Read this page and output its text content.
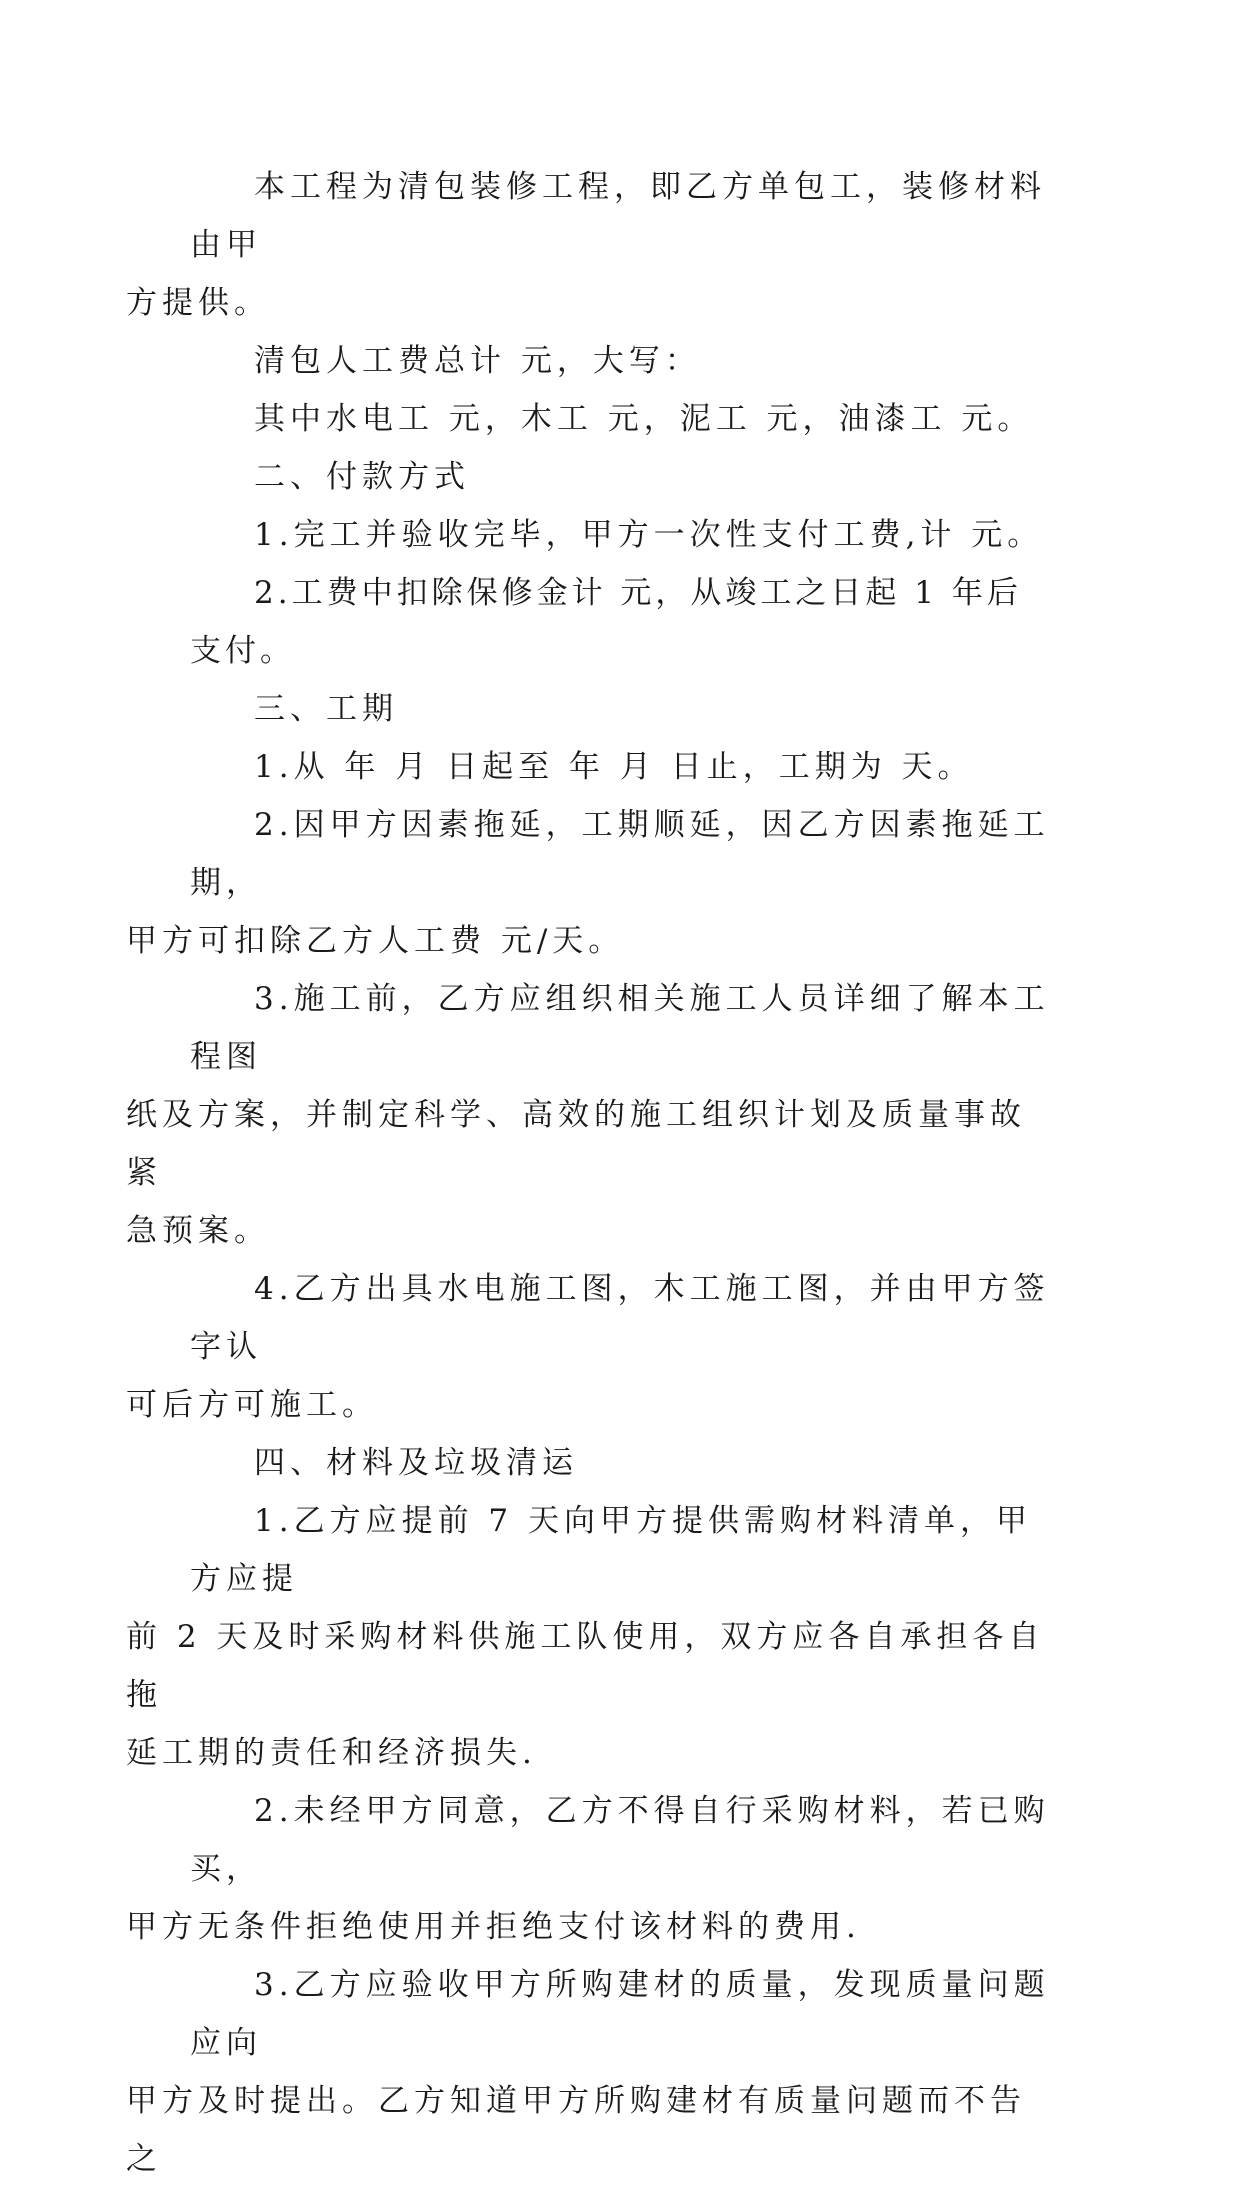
本工程为清包装修工程，即乙方单包工，装修材料由甲
方提供。

清包人工费总计 元，大写：

其中水电工 元，木工 元，泥工 元，油漆工 元。

二、付款方式

1.完工并验收完毕，甲方一次性支付工费,计 元。

2.工费中扣除保修金计 元，从竣工之日起 1 年后支付。

三、工期

1.从 年 月 日起至 年 月 日止，工期为 天。

2.因甲方因素拖延，工期顺延，因乙方因素拖延工期，
甲方可扣除乙方人工费 元/天。

3.施工前，乙方应组织相关施工人员详细了解本工程图
纸及方案，并制定科学、高效的施工组织计划及质量事故紧
急预案。

4.乙方出具水电施工图，木工施工图，并由甲方签字认
可后方可施工。

四、材料及垃圾清运

1.乙方应提前 7 天向甲方提供需购材料清单，甲方应提
前 2 天及时采购材料供施工队使用，双方应各自承担各自拖
延工期的责任和经济损失.

2.未经甲方同意，乙方不得自行采购材料，若已购买，
甲方无条件拒绝使用并拒绝支付该材料的费用.

3.乙方应验收甲方所购建材的质量，发现质量问题应向
甲方及时提出。乙方知道甲方所购建材有质量问题而不告之
